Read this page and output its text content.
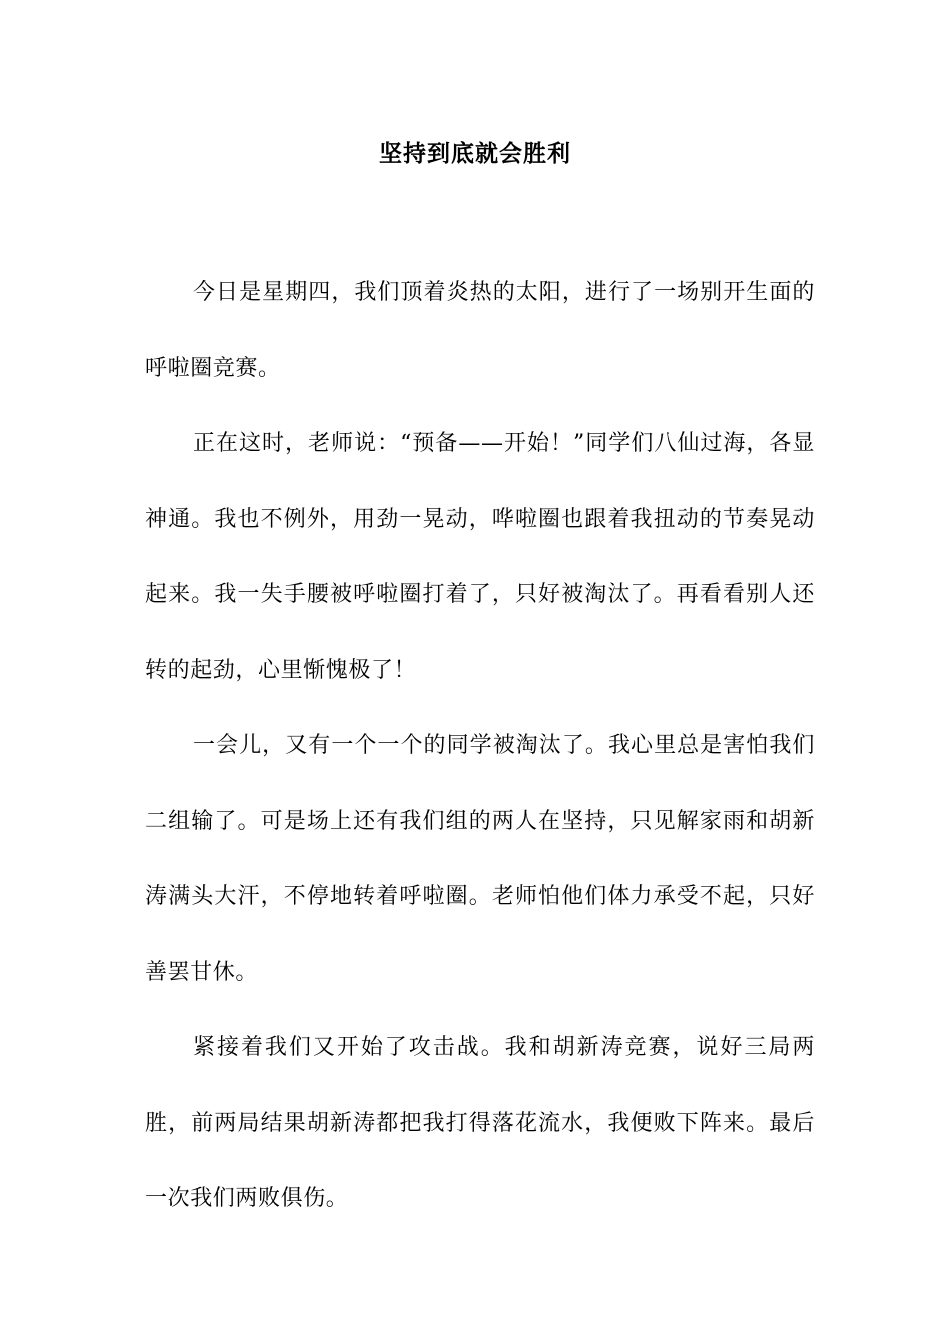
坚持到底就会胜利

今日是星期四，我们顶着炎热的太阳，进行了一场别开生面的呼啦圈竞赛。

正在这时，老师说：“预备——开始！”同学们八仙过海，各显神通。我也不例外，用劲一晃动，哗啦圈也跟着我扭动的节奏晃动起来。我一失手腰被呼啦圈打着了，只好被淘汰了。再看看别人还转的起劲，心里惭愧极了！

一会儿，又有一个一个的同学被淘汰了。我心里总是害怕我们二组输了。可是场上还有我们组的两人在坚持，只见解家雨和胡新涛满头大汗，不停地转着呼啦圈。老师怕他们体力承受不起，只好善罢甘休。

紧接着我们又开始了攻击战。我和胡新涛竞赛，说好三局两胜，前两局结果胡新涛都把我打得落花流水，我便败下阵来。最后一次我们两败俱伤。
